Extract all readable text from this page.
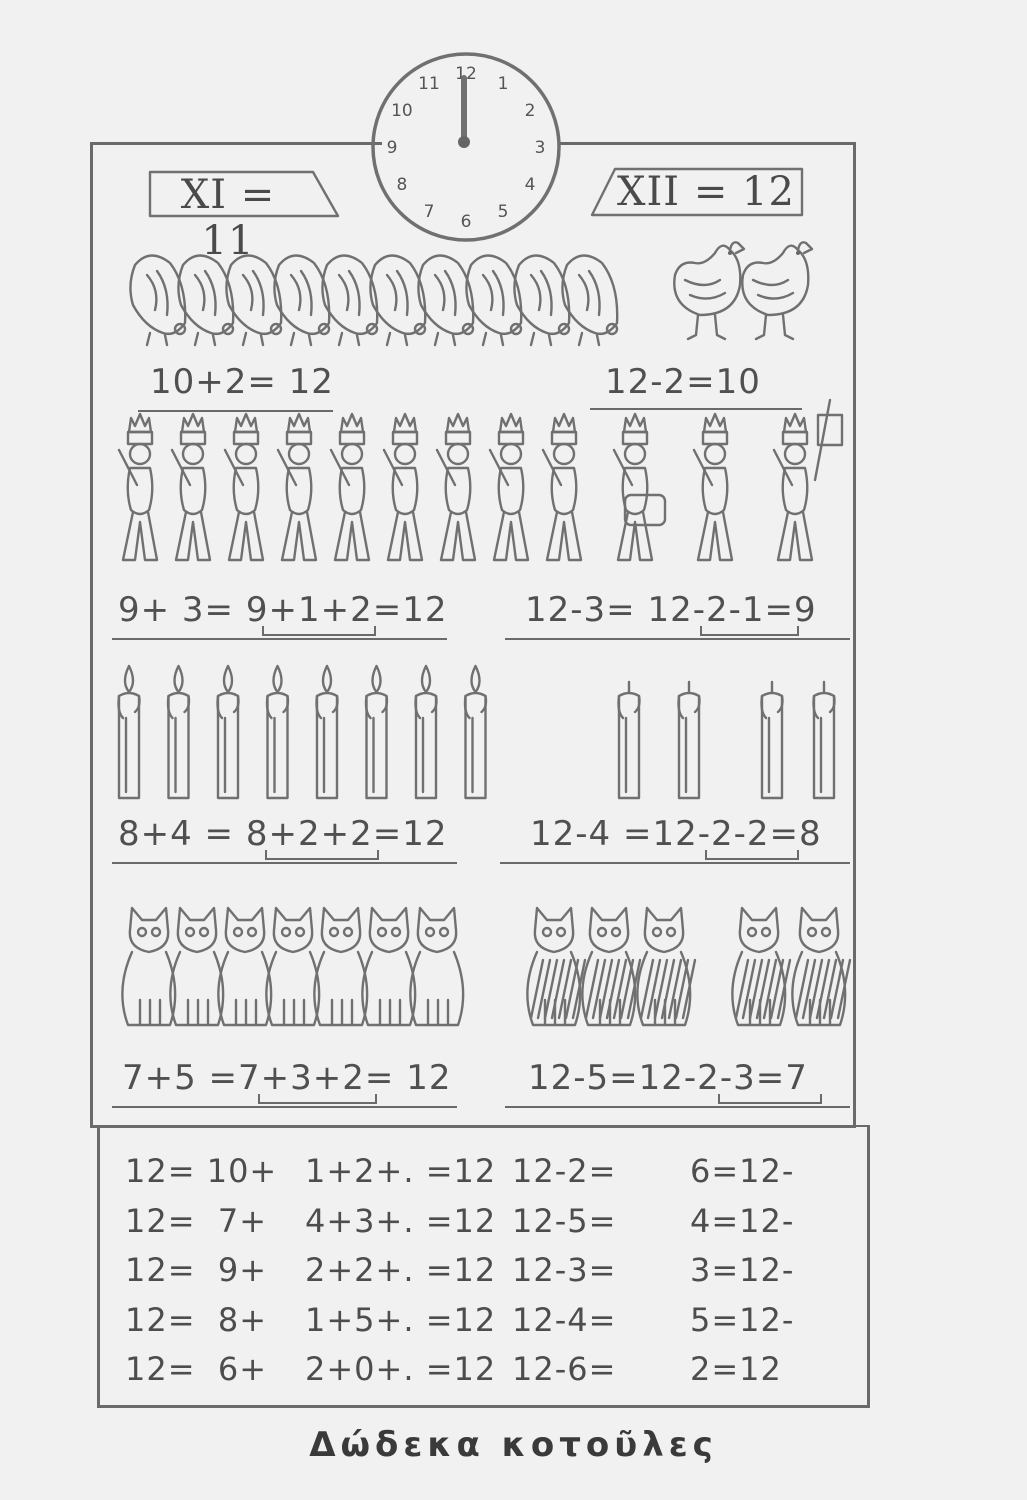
XI = 11
XII = 12
12 1
2
3
4
5
6
7
8
9
10
11
10+2= 12	12-2=10
9+ 3= 9+1+2=12 12-3= 12-2-1=9
8+4 = 8+2+2=12 12-4 =12-2-2=8
7+5 =7+3+2= 12 12-5=12-2-3=7
12= 10+
12=  7+
12=  9+
12=  8+
12=  6+
1+2+. =12
4+3+. =12
2+2+. =12
1+5+. =12
2+0+. =12
12-2=
12-5=
12-3=
12-4=
12-6=
6=12-
4=12-
3=12-
5=12-
2=12
Δώδεκα κοτοῦλες
